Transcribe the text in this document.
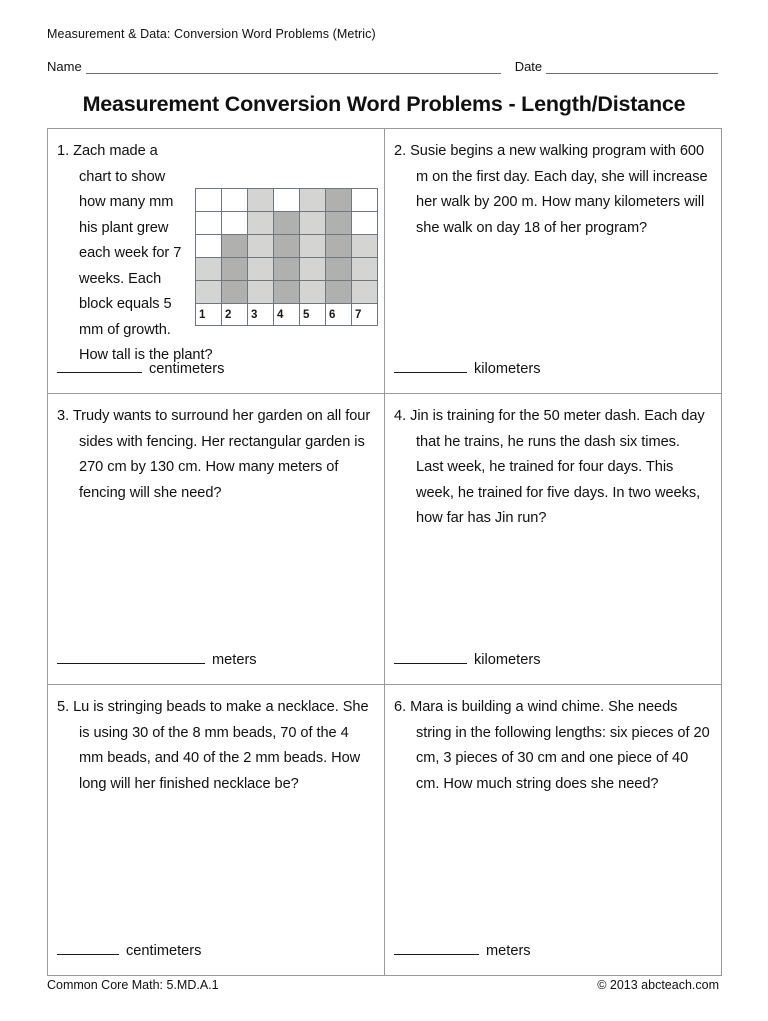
Measurement & Data: Conversion Word Problems (Metric)
Name	Date
Measurement Conversion Word Problems - Length/Distance

1	2	3	4	5	6	7

1. Zach made a chart to show how many mm his plant grew each week for 7 weeks. Each block equals 5 mm of growth. How tall is the plant?

centimeters

2. Susie begins a new walking program with 600 m on the first day. Each day, she will increase her walk by 200 m. How many kilometers will she walk on day 18 of her program?

kilometers

3. Trudy wants to surround her garden on all four sides with fencing. Her rectangular garden is 270 cm by 130 cm. How many meters of fencing will she need?

meters

4. Jin is training for the 50 meter dash. Each day that he trains, he runs the dash six times. Last week, he trained for four days. This week, he trained for five days. In two weeks, how far has Jin run?

kilometers

5. Lu is stringing beads to make a necklace. She is using 30 of the 8 mm beads, 70 of the 4 mm beads, and 40 of the 2 mm beads. How long will her finished necklace be?

centimeters

6. Mara is building a wind chime. She needs string in the following lengths: six pieces of 20 cm, 3 pieces of 30 cm and one piece of 40 cm. How much string does she need?

meters
Common Core Math: 5.MD.A.1	© 2013 abcteach.com
